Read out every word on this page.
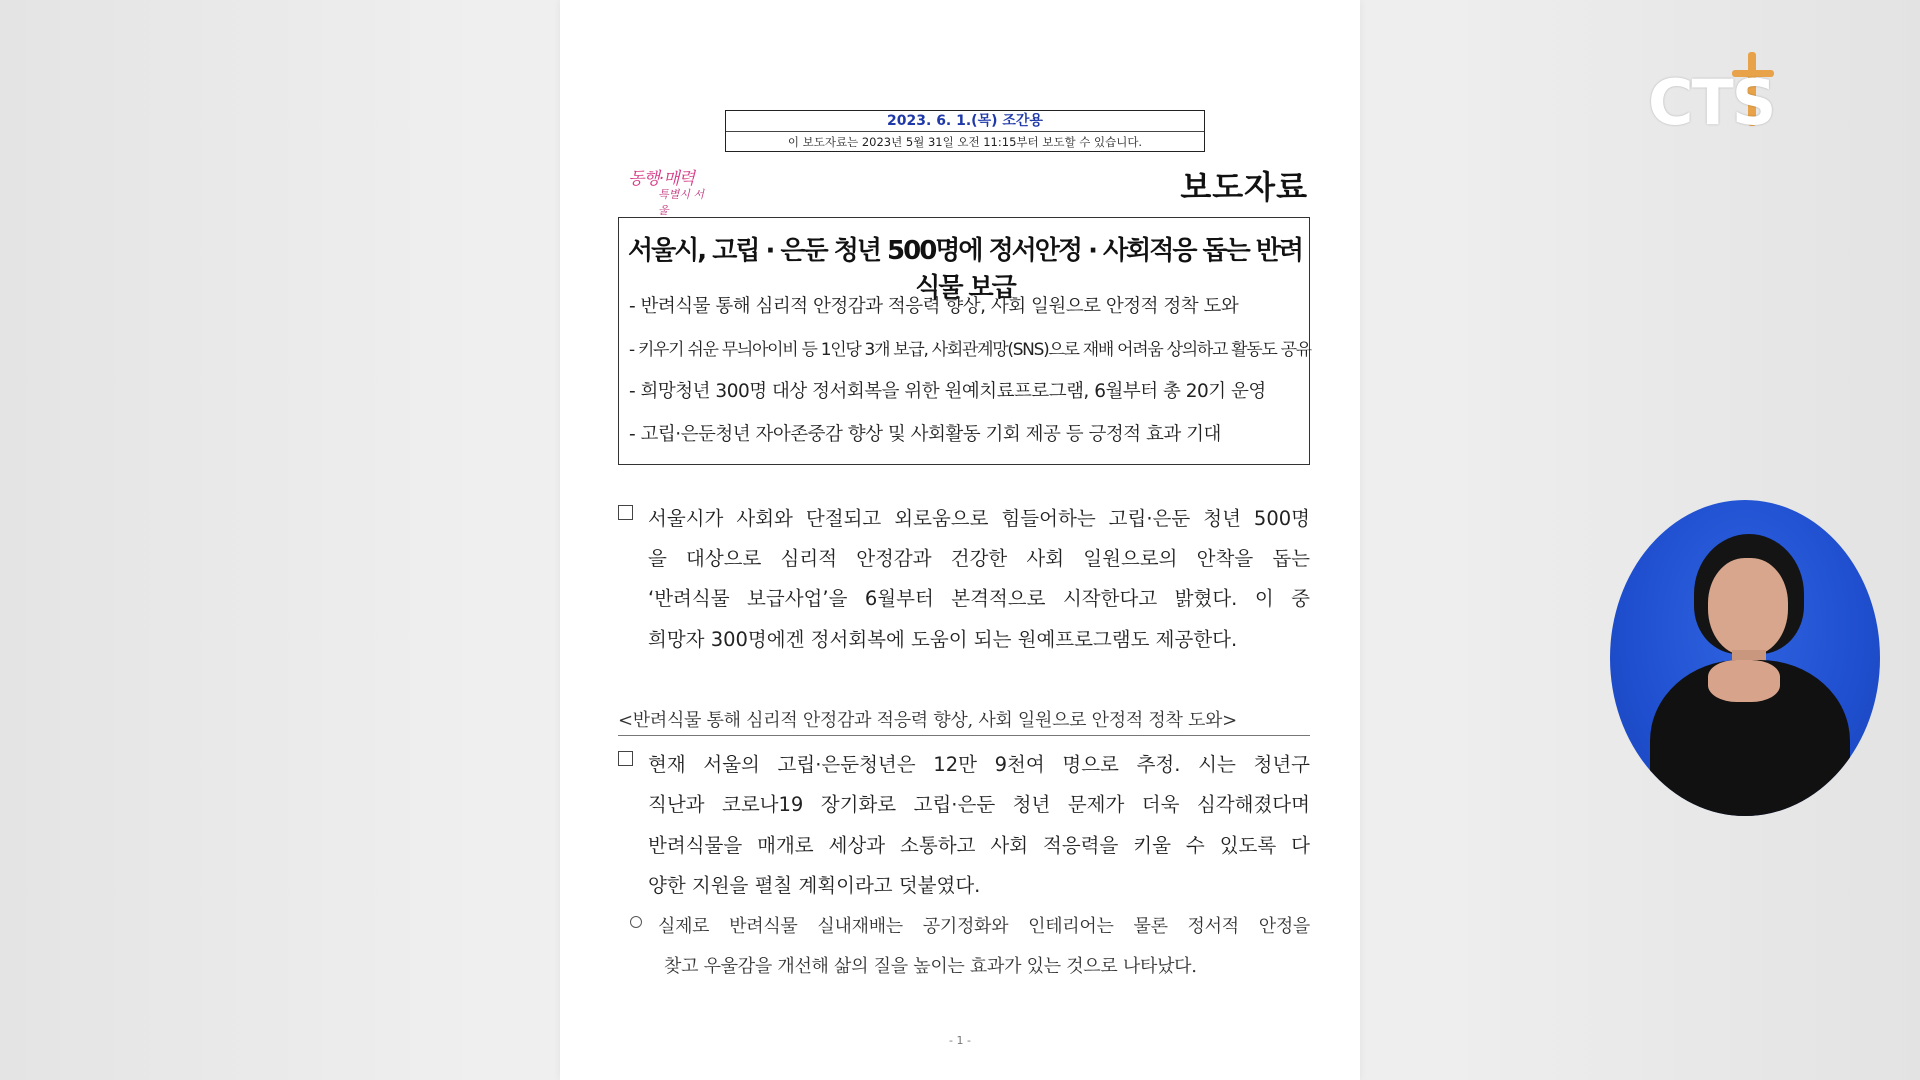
2023. 6. 1.(목) 조간용
이 보도자료는 2023년 5월 31일 오전 11:15부터 보도할 수 있습니다.
동행·매력
특별시 서울
보도자료
서울시, 고립 · 은둔 청년 500명에 정서안정 · 사회적응 돕는 반려식물 보급
- 반려식물 통해 심리적 안정감과 적응력 향상, 사회 일원으로 안정적 정착 도와
- 키우기 쉬운 무늬아이비 등 1인당 3개 보급, 사회관계망(SNS)으로 재배 어려움 상의하고 활동도 공유
- 희망청년 300명 대상 정서회복을 위한 원예치료프로그램, 6월부터 총 20기 운영
- 고립·은둔청년 자아존중감 향상 및 사회활동 기회 제공 등 긍정적 효과 기대
서울시가 사회와 단절되고 외로움으로 힘들어하는 고립·은둔 청년 500명
을 대상으로 심리적 안정감과 건강한 사회 일원으로의 안착을 돕는
‘반려식물 보급사업’을 6월부터 본격적으로 시작한다고 밝혔다. 이 중
희망자 300명에겐 정서회복에 도움이 되는 원예프로그램도 제공한다.
<반려식물 통해 심리적 안정감과 적응력 향상, 사회 일원으로 안정적 정착 도와>
현재 서울의 고립·은둔청년은 12만 9천여 명으로 추정. 시는 청년구
직난과 코로나19 장기화로 고립·은둔 청년 문제가 더욱 심각해졌다며
반려식물을 매개로 세상과 소통하고 사회 적응력을 키울 수 있도록 다
양한 지원을 펼칠 계획이라고 덧붙였다.
실제로 반려식물 실내재배는 공기정화와 인테리어는 물론 정서적 안정을
찾고 우울감을 개선해 삶의 질을 높이는 효과가 있는 것으로 나타났다.
- 1 -
CTS
